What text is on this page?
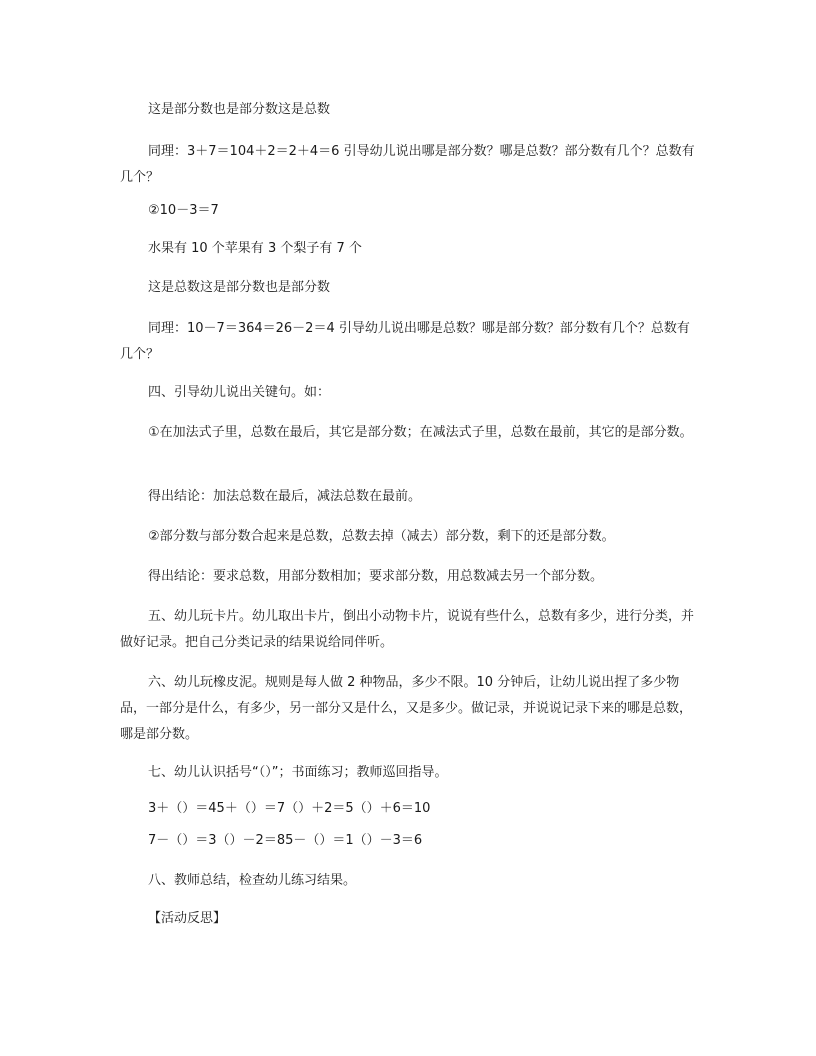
这是部分数也是部分数这是总数

同理：3＋7＝104＋2＝2＋4＝6 引导幼儿说出哪是部分数？哪是总数？部分数有几个？总数有几个？

②10－3＝7

水果有 10 个苹果有 3 个梨子有 7 个

这是总数这是部分数也是部分数

同理：10－7＝364＝26－2＝4 引导幼儿说出哪是总数？哪是部分数？部分数有几个？总数有几个？

四、引导幼儿说出关键句。如：

①在加法式子里，总数在最后，其它是部分数；在减法式子里，总数在最前，其它的是部分数。

得出结论：加法总数在最后，减法总数在最前。

②部分数与部分数合起来是总数，总数去掉（减去）部分数，剩下的还是部分数。

得出结论：要求总数，用部分数相加；要求部分数，用总数减去另一个部分数。

五、幼儿玩卡片。幼儿取出卡片，倒出小动物卡片，说说有些什么，总数有多少，进行分类，并做好记录。把自己分类记录的结果说给同伴听。

六、幼儿玩橡皮泥。规则是每人做 2 种物品，多少不限。10 分钟后，让幼儿说出捏了多少物品，一部分是什么，有多少，另一部分又是什么，又是多少。做记录，并说说记录下来的哪是总数，哪是部分数。

七、幼儿认识括号“（）”；书面练习；教师巡回指导。

3＋（）＝45＋（）＝7（）＋2＝5（）＋6＝10

7－（）＝3（）－2＝85－（）＝1（）－3＝6

八、教师总结，检查幼儿练习结果。

【活动反思】
